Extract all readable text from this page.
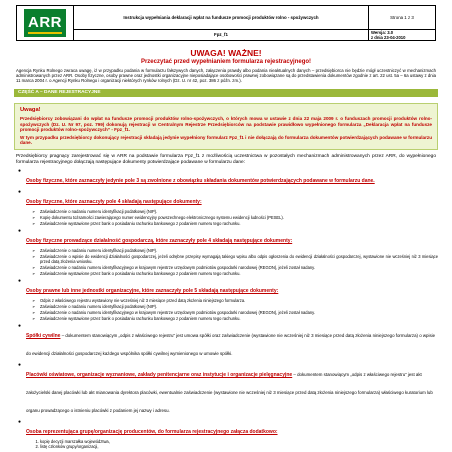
ARR	Instrukcja wypełniania deklaracji wpłat na fundusze promocji produktów rolno - spożywczych	Strona 1 z 3
	Fpz_f1	Wersja: 3.0
z dnia 23-04-2010
UWAGA! WAŻNE!
Przeczytać przed wypełnianiem formularza rejestracyjnego!
Agencja Rynku Rolnego zwraca uwagę, iż w przypadku podania w formularzu fałszywych danych, załączenia prawdy albo podania nieaktualnych danych – przedsiębiorca nie będzie mógł uczestniczyć w mechanizmach administrowanych przez ARR. Osoby fizyczne, osoby prawne oraz jednostki organizacyjne nieposiadające osobowości prawnej zobowiązane są do przedstawienia dokumentów zgodnie z art. 22 ust. 5a – 6a ustawy z dnia 11 marca 2004 r. o Agencji Rynku Rolnego i organizacji niektórych rynków rolnych (Dz. U. nr 42, poz. 386 z późn. zm.).
CZĘŚĆ A – DANE REJESTRACYJNE
Uwaga!

Przedsiębiorcy zobowiązani do wpłat na fundusze promocji produktów rolno-spożywczych, o których mowa w ustawie z dnia 22 maja 2009 r. o funduszach promocji produktów rolno-spożywczych (Dz. U. Nr 97, poz. 799) dokonują rejestracji w Centralnym Rejestrze Przedsiębiorców na podstawie prawidłowo wypełnionego formularza „Deklaracja wpłat na fundusze promocji produktów rolno-spożywczych” - Fpz_f1.

W tym przypadku przedsiębiorcy dokonujący rejestracji składają jedynie wypełniony formularz Fpz_f1 i nie dołączają do formularza dokumentów potwierdzających podawane w formularzu dane.

Przedsiębiorcy pragnący zarejestrować się w ARR na podstawie formularza Fpz_f1 z możliwością uczestnictwa w pozostałych mechanizmach administrowanych przez ARR, do wypełnionego formularza rejestracyjnego dołączają następujące dokumenty potwierdzające podawane w formularzu dane:
●
Osoby fizyczne, które zaznaczyły jedynie pole 3 są zwolnione z obowiązku składania dokumentów potwierdzających podawane w formularzu dane.
●
Osoby fizyczne, które zaznaczyły pole 4 składają następujące dokumenty:
➢ Zaświadczenie o nadaniu numeru identyfikacji podatkowej (NIP).
➢ Kopię dokumentu tożsamości zawierającego numer ewidencyjny powszechnego elektronicznego systemu ewidencji ludności (PESEL).
➢ Zaświadczenie wystawione przez bank o posiadaniu rachunku bankowego z podaniem numeru tego rachunku.
●
Osoby fizyczne prowadzące działalność gospodarczą, które zaznaczyły pole 4 składają następujące dokumenty:
➢ Zaświadczenie o nadaniu numeru identyfikacji podatkowej (NIP).
➢ Zaświadczenie o wpisie do ewidencji działalności gospodarczej, jeżeli odrębne przepisy wymagają takiego wpisu albo odpis ogłoszenia do ewidencji działalności gospodarczej, wystawione nie wcześniej niż 3 miesiące przed datą złożenia wniosku.
➢ Zaświadczenie o nadaniu numeru identyfikacyjnego w krajowym rejestrze urzędowym podmiotów gospodarki narodowej (REGON), jeżeli został nadany.
➢ Zaświadczenie wystawione przez bank o posiadaniu rachunku bankowego z podaniem numeru tego rachunku.
●
Osoby prawne lub inne jednostki organizacyjne, które zaznaczyły pole 5 składają następujące dokumenty:
➢ Odpis z właściwego rejestru wystawiony nie wcześniej niż 3 miesiące przed datą złożenia niniejszego formularza.
➢ Zaświadczenie o nadaniu numeru identyfikacji podatkowej (NIP).
➢ Zaświadczenie o nadaniu numeru identyfikacyjnego w krajowym rejestrze urzędowym podmiotów gospodarki narodowej (REGON), jeżeli został nadany.
➢ Zaświadczenie wystawione przez bank o posiadaniu rachunku bankowego z podaniem numeru tego rachunku.
●
Spółki cywilne – dokumentem stanowiącym „odpis z właściwego rejestru” jest umowa spółki oraz zaświadczenie (wystawione nie wcześniej niż 3 miesiące przed datą złożenia niniejszego formularza) o wpisie do ewidencji działalności gospodarczej każdego wspólnika spółki cywilnej wymienionego w umowie spółki.
●
Placówki oświatowe, organizacje wyznaniowe, zakłady penitencjarne oraz instytucje i organizacje pielęgnacyjne – dokumentem stanowiącym „odpis z właściwego rejestru” jest akt założycielski danej placówki lub akt mianowania dyrektora placówki, ewentualnie zaświadczenie (wystawione nie wcześniej niż 3 miesiące przed datą złożenia niniejszego formularza) właściwego kuratorium lub organu prowadzącego o istnieniu placówki z podaniem jej nazwy i adresu.
●
Osoba reprezentująca grupę/organizację producentów, do formularza rejestracyjnego załącza dodatkowo:
1. kopię decyzji marszałka województwa,
2. listę członków grupy/organizacji,
